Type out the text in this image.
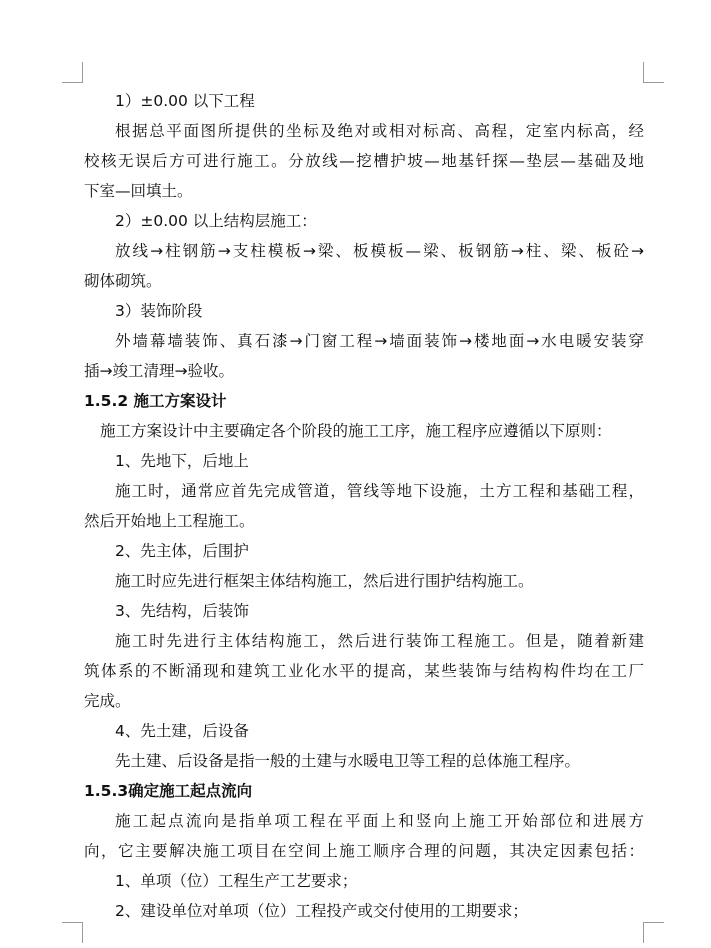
1）±0.00 以下工程
根据总平面图所提供的坐标及绝对或相对标高、高程，定室内标高，经
校核无误后方可进行施工。分放线—挖槽护坡—地基钎探—垫层—基础及地
下室—回填土。
2）±0.00 以上结构层施工：
放线→柱钢筋→支柱模板→梁、板模板—梁、板钢筋→柱、梁、板砼→
砌体砌筑。
3）装饰阶段
外墙幕墙装饰、真石漆→门窗工程→墙面装饰→楼地面→水电暖安装穿
插→竣工清理→验收。
1.5.2 施工方案设计
施工方案设计中主要确定各个阶段的施工工序，施工程序应遵循以下原则：
1、先地下，后地上
施工时，通常应首先完成管道，管线等地下设施，土方工程和基础工程，
然后开始地上工程施工。
2、先主体，后围护
施工时应先进行框架主体结构施工，然后进行围护结构施工。
3、先结构，后装饰
施工时先进行主体结构施工，然后进行装饰工程施工。但是，随着新建
筑体系的不断涌现和建筑工业化水平的提高，某些装饰与结构构件均在工厂
完成。
4、先土建，后设备
先土建、后设备是指一般的土建与水暖电卫等工程的总体施工程序。
1.5.3确定施工起点流向
施工起点流向是指单项工程在平面上和竖向上施工开始部位和进展方
向，它主要解决施工项目在空间上施工顺序合理的问题，其决定因素包括：
1、单项（位）工程生产工艺要求；
2、建设单位对单项（位）工程投产或交付使用的工期要求；
